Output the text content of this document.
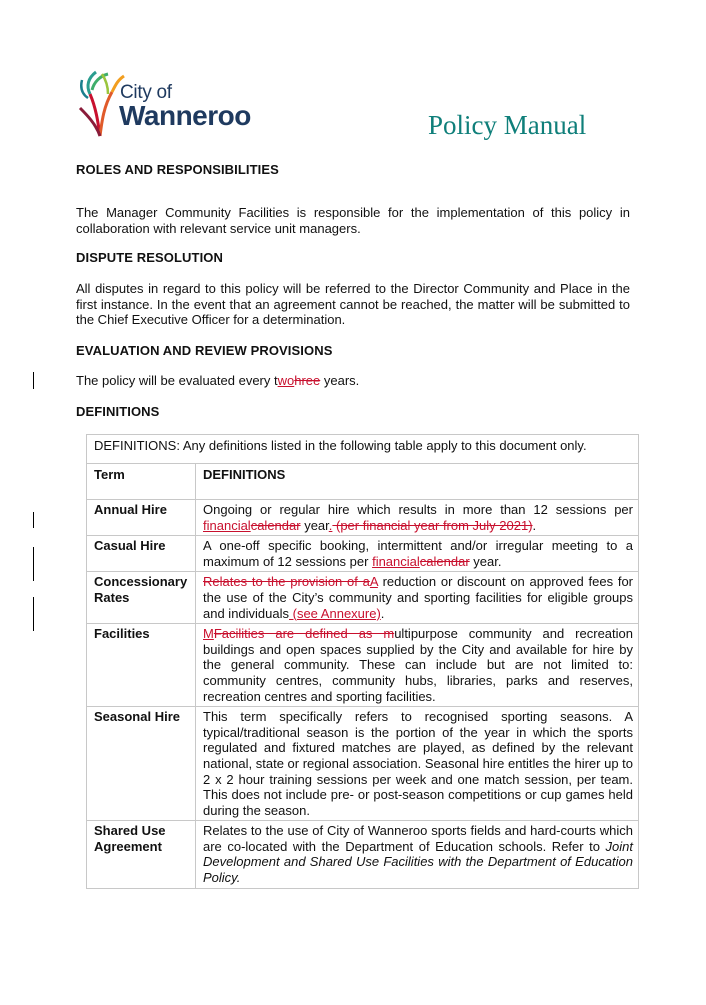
City of
Wanneroo	Policy Manual
ROLES AND RESPONSIBILITIES
The Manager Community Facilities is responsible for the implementation of this policy in collaboration with relevant service unit managers.
DISPUTE RESOLUTION
All disputes in regard to this policy will be referred to the Director Community and Place in the first instance. In the event that an agreement cannot be reached, the matter will be submitted to the Chief Executive Officer for a determination.
EVALUATION AND REVIEW PROVISIONS
The policy will be evaluated every twohree years.
DEFINITIONS
DEFINITIONS: Any definitions listed in the following table apply to this document only.	
Term	DEFINITIONS
Annual Hire	Ongoing or regular hire which results in more than 12 sessions per financialcalendar year. (per financial year from July 2021).
Casual Hire	A one-off specific booking, intermittent and/or irregular meeting to a maximum of 12 sessions per financialcalendar year.
Concessionary Rates	Relates to the provision of aA reduction or discount on approved fees for the use of the City’s community and sporting facilities for eligible groups and individuals (see Annexure).
Facilities	MFacilities are defined as multipurpose community and recreation buildings and open spaces supplied by the City and available for hire by the general community. These can include but are not limited to: community centres, community hubs, libraries, parks and reserves, recreation centres and sporting facilities.
Seasonal Hire	This term specifically refers to recognised sporting seasons. A typical/traditional season is the portion of the year in which the sports regulated and fixtured matches are played, as defined by the relevant national, state or regional association. Seasonal hire entitles the hirer up to 2 x 2 hour training sessions per week and one match session, per team. This does not include pre- or post-season competitions or cup games held during the season.
Shared Use Agreement	Relates to the use of City of Wanneroo sports fields and hard-courts which are co-located with the Department of Education schools. Refer to Joint Development and Shared Use Facilities with the Department of Education Policy.
